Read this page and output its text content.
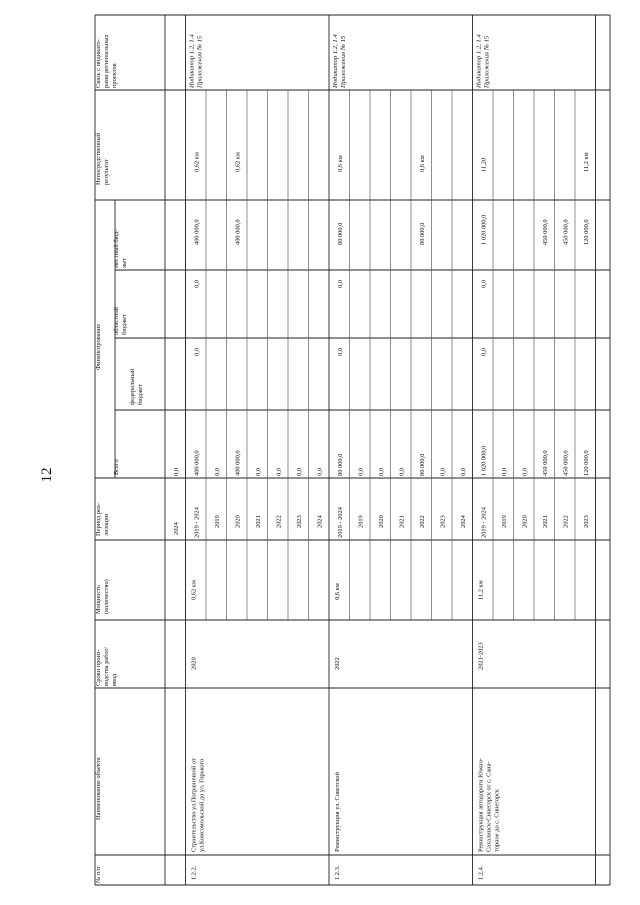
12
№ п/п
Наименование объекта
Сроки произ- водства работ/ ввод
Мощность (количество)
Период реа- лизации
Финансирование
Всего
федеральный бюджет
областной бюджет
местный бюд- жет
Непосредственный результат
Связь с индикато- рами региональных проектов
2024
0,0
1.2.2.
Строительство ул.Пограничной от ул.Комсомольской до ул. Горького
2020
0,62 км
Индикатор 1.2, 1.4 Приложения № 15
2019 - 2024
400 000,0
0,0
0,0
400 000,0
0,62 км
2019
0,0
2020
400 000,0
400 000,0
0,62 км
2021
0,0
2022
0,0
2023
0,0
2024
0,0
1.2.3.
Реконструкция ул. Советской
2022
0,6 км
Индикатор 1.2, 1.4 Приложения № 15
2019 - 2024
80 000,0
0,0
0,0
80 000,0
0,6 км
2019
0,0
2020
0,0
2021
0,0
2022
80 000,0
80 000,0
0,6 км
2023
0,0
2024
0,0
1.2.4.
Реконструкция автодороги Южно- Сахалинск-Синегорск от с. Сана- торное до с. Синегорск
2021-2023
11,2 км
Индикатор 1.2, 1.4 Приложения № 15
2019 - 2024
1 020 000,0
0,0
0,0
1 020 000,0
11,20
2019
0,0
2020
0,0
2021
450 000,0
450 000,0
2022
450 000,0
450 000,0
2023
120 000,0
120 000,0
11,2 км
